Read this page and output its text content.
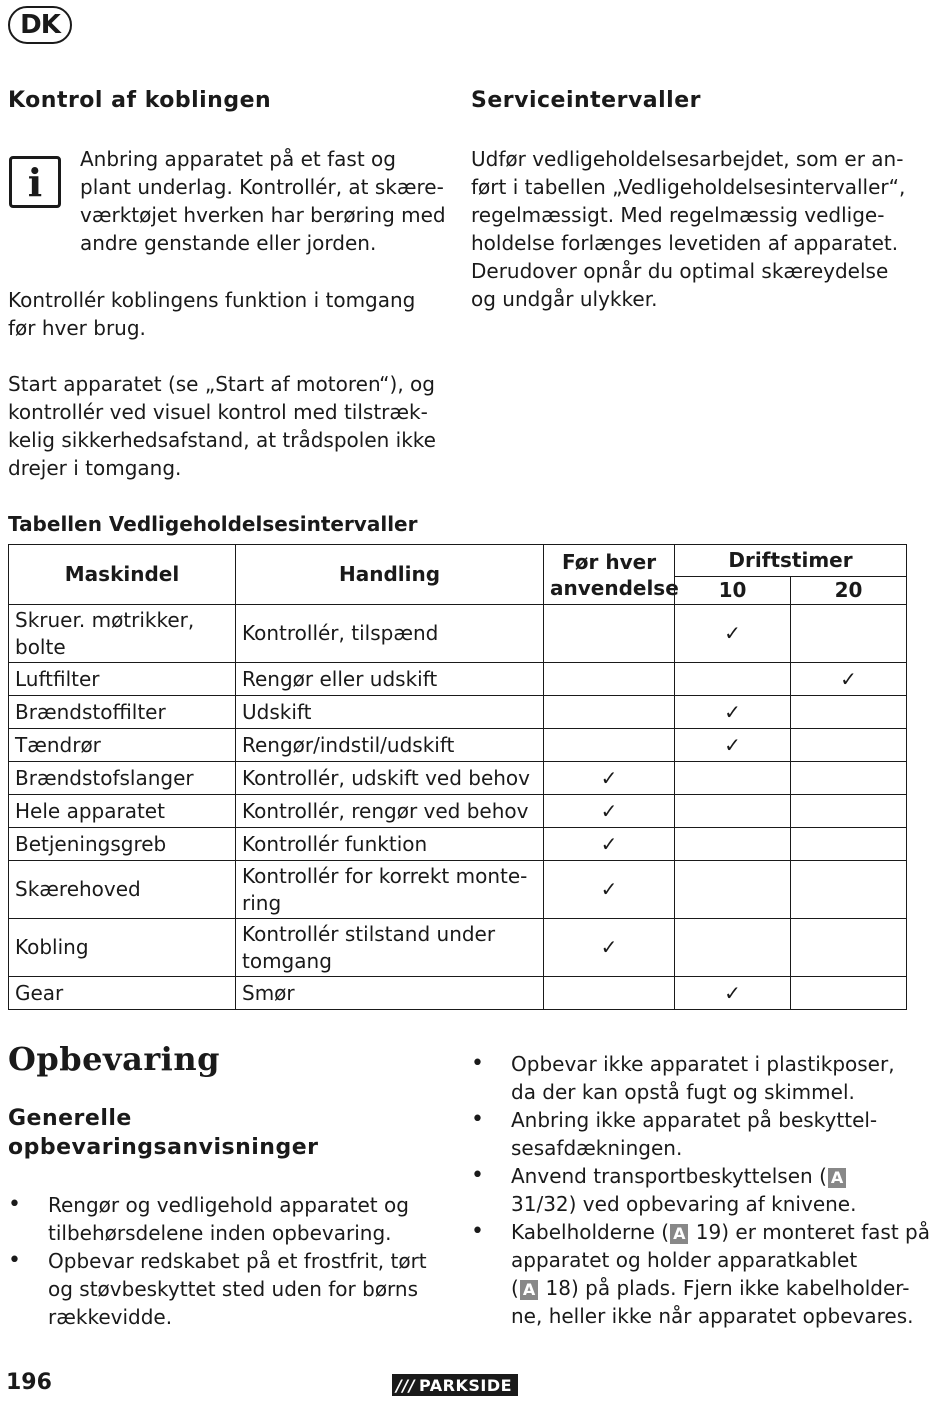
DK
Kontrol af koblingen
i

Anbring apparatet på et fast og

plant underlag. Kontrollér, at skære-

værktøjet hverken har berøring med

andre genstande eller jorden.

Kontrollér koblingens funktion i tomgang

før hver brug.

Start apparatet (se „Start af motoren“), og

kontrollér ved visuel kontrol med tilstræk-

kelig sikkerhedsafstand, at trådspolen ikke

drejer i tomgang.

Serviceintervaller

Udfør vedligeholdelsesarbejdet, som er an-

ført i tabellen „Vedligeholdelsesintervaller“,

regelmæssigt. Med regelmæssig vedlige-

holdelse forlænges levetiden af apparatet.

Derudover opnår du optimal skæreydelse

og undgår ulykker.

Tabellen Vedligeholdelsesintervaller
Maskindel	Handling	Før hver
anvendelse	Driftstimer	
			10	20

Skruer. møtrikker,
bolte	Kontrollér, tilspænd		✓	

Luftfilter	Rengør eller udskift			✓

Brændstoffilter	Udskift		✓	

Tændrør	Rengør/indstil/udskift		✓	

Brændstofslanger	Kontrollér, udskift ved behov	✓		

Hele apparatet	Kontrollér, rengør ved behov	✓		

Betjeningsgreb	Kontrollér funktion	✓		

Skærehoved	Kontrollér for korrekt monte-
ring	✓		

Kobling	Kontrollér stilstand under
tomgang	✓		

Gear	Smør		✓	
Opbevaring
Generelle
opbevaringsanvisninger
• Rengør og vedligehold apparatet og
tilbehørsdelene inden opbevaring.
• Opbevar redskabet på et frostfrit, tørt
og støvbeskyttet sted uden for børns
rækkevidde.
• Opbevar ikke apparatet i plastikposer,
da der kan opstå fugt og skimmel.
• Anbring ikke apparatet på beskyttel-
sesafdækningen.
• Anvend transportbeskyttelsen ( A
31/32) ved opbevaring af knivene.
• Kabelholderne ( A 19) er monteret fast på
apparatet og holder apparatkablet
( A 18) på plads. Fjern ikke kabelholder-
ne, heller ikke når apparatet opbevares.
196	/// PARKSIDE
